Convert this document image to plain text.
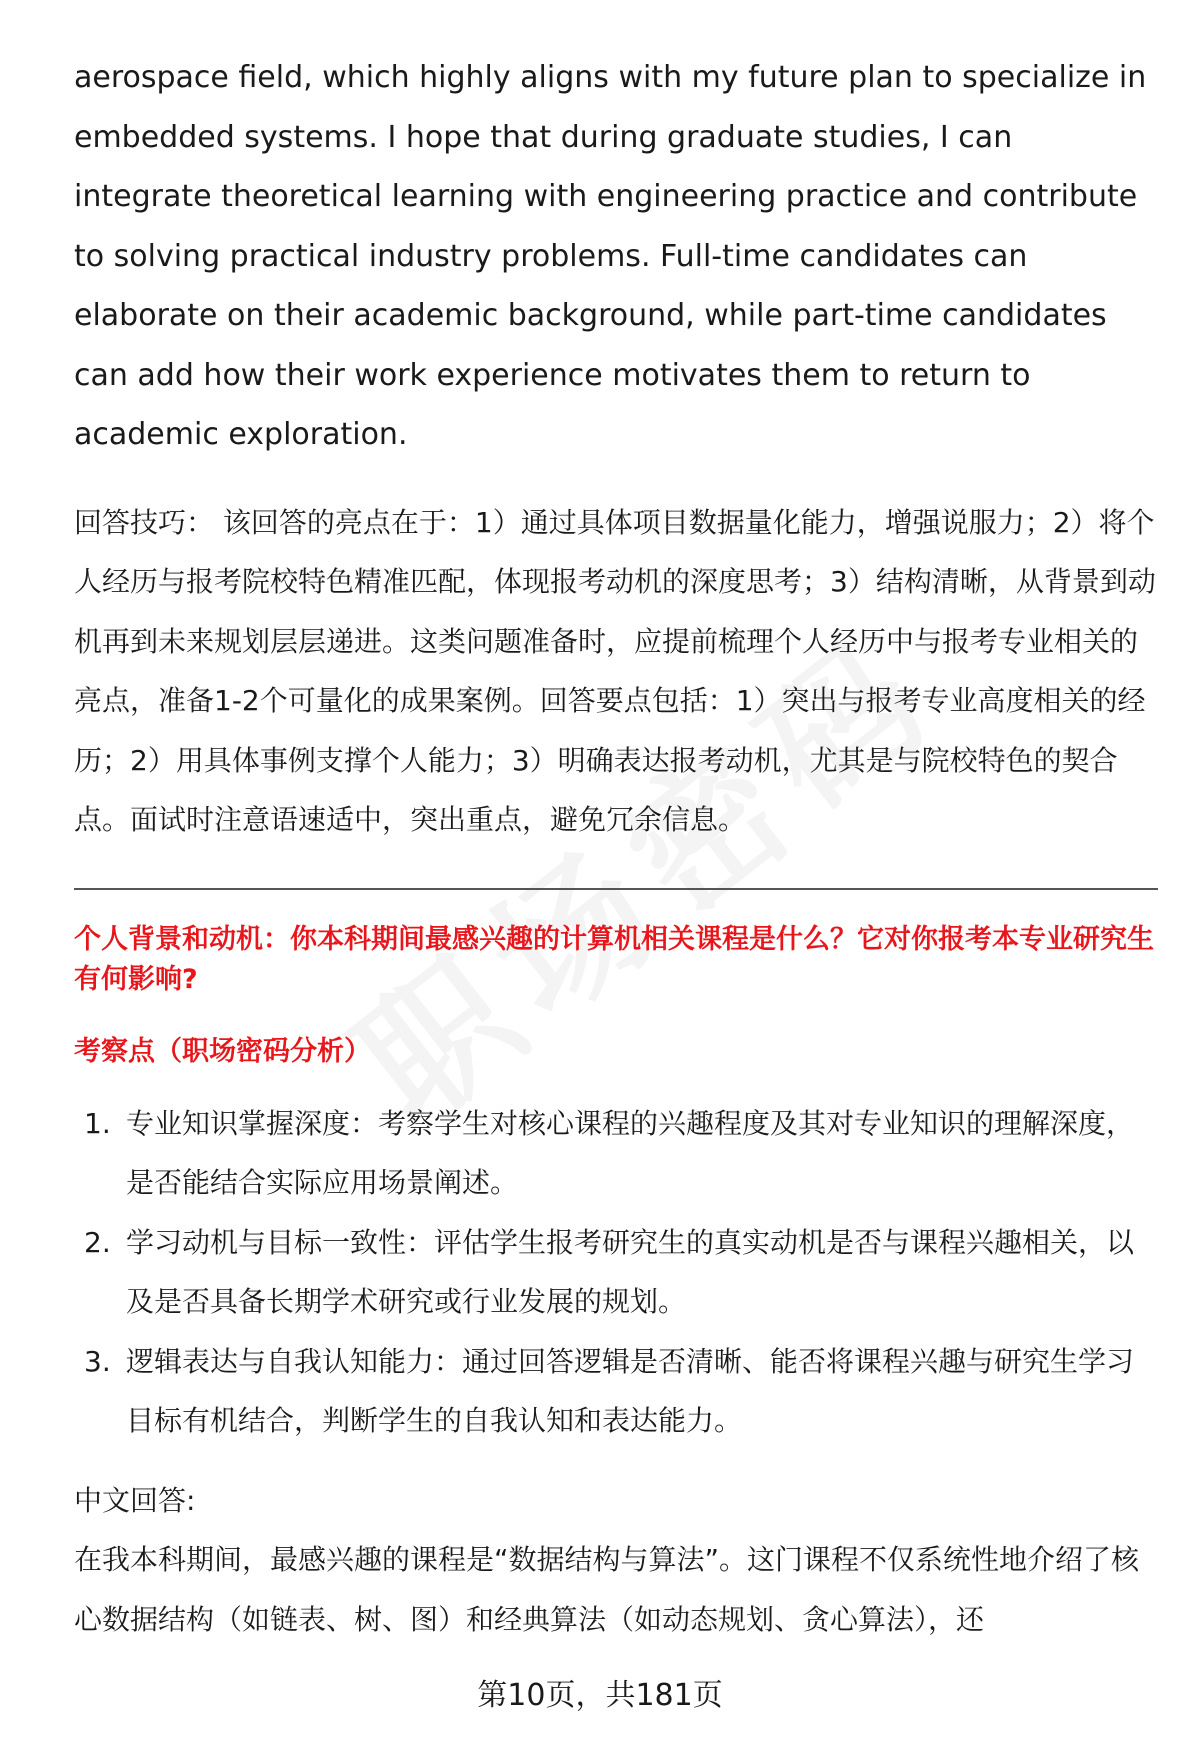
aerospace field, which highly aligns with my future plan to specialize in embedded systems. I hope that during graduate studies, I can integrate theoretical learning with engineering practice and contribute to solving practical industry problems. Full-time candidates can elaborate on their academic background, while part-time candidates can add how their work experience motivates them to return to academic exploration.

回答技巧： 该回答的亮点在于：1）通过具体项目数据量化能力，增强说服力；2）将个人经历与报考院校特色精准匹配，体现报考动机的深度思考；3）结构清晰，从背景到动机再到未来规划层层递进。这类问题准备时，应提前梳理个人经历中与报考专业相关的亮点，准备1-2个可量化的成果案例。回答要点包括：1）突出与报考专业高度相关的经历；2）用具体事例支撑个人能力；3）明确表达报考动机，尤其是与院校特色的契合点。面试时注意语速适中，突出重点，避免冗余信息。

个人背景和动机：你本科期间最感兴趣的计算机相关课程是什么？它对你报考本专业研究生有何影响?

考察点（职场密码分析）

1. 专业知识掌握深度：考察学生对核心课程的兴趣程度及其对专业知识的理解深度，是否能结合实际应用场景阐述。
2. 学习动机与目标一致性：评估学生报考研究生的真实动机是否与课程兴趣相关，以及是否具备长期学术研究或行业发展的规划。
3. 逻辑表达与自我认知能力：通过回答逻辑是否清晰、能否将课程兴趣与研究生学习目标有机结合，判断学生的自我认知和表达能力。

中文回答:

在我本科期间，最感兴趣的课程是“数据结构与算法”。这门课程不仅系统性地介绍了核心数据结构（如链表、树、图）和经典算法（如动态规划、贪心算法），还

第10页，共181页
